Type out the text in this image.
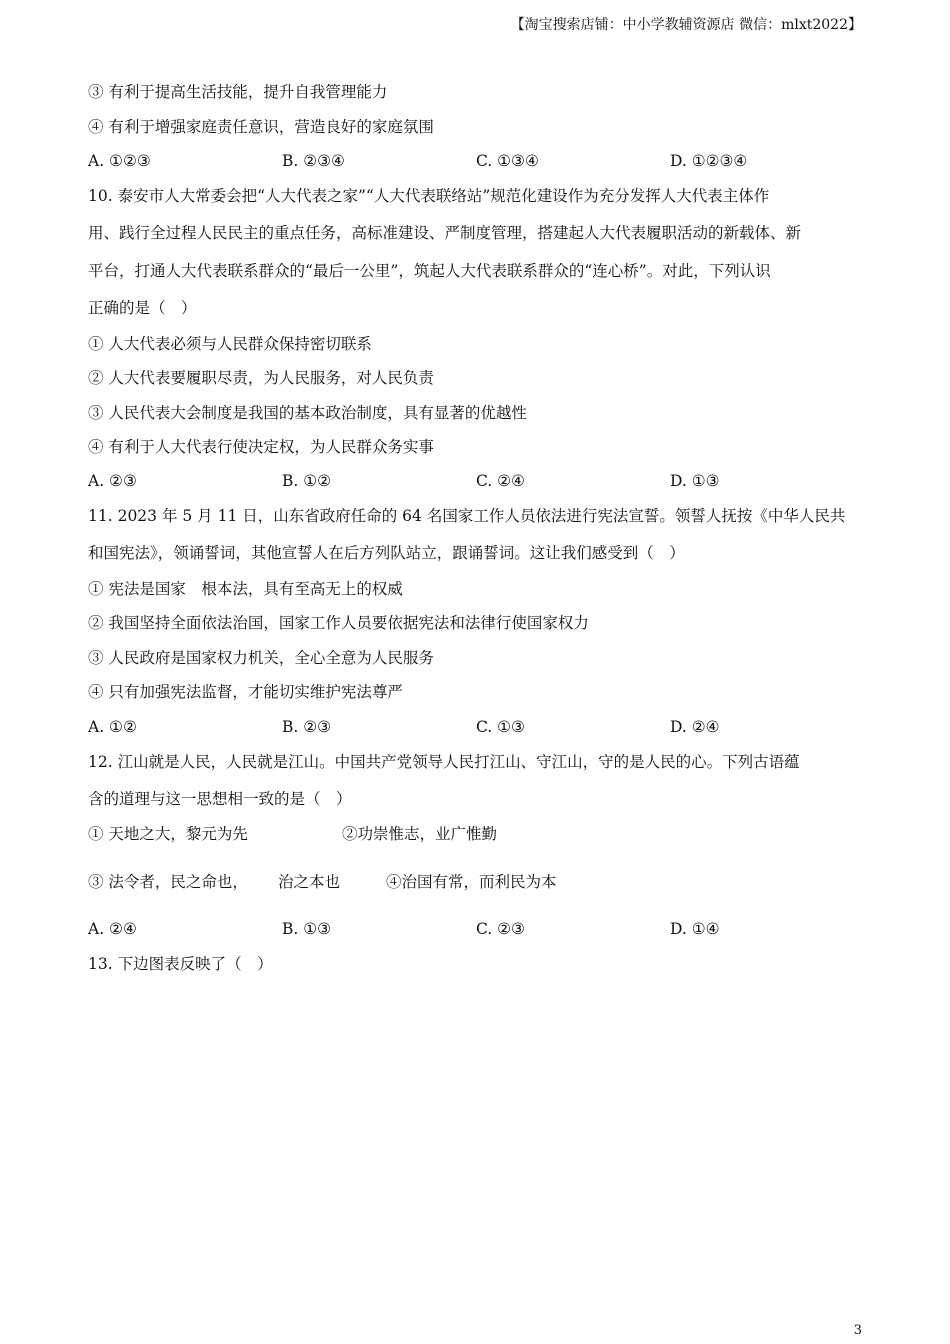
【淘宝搜索店铺：中小学教辅资源店 微信：mlxt2022】
③ 有利于提高生活技能，提升自我管理能力
④ 有利于增强家庭责任意识，营造良好的家庭氛围
A. ①②③	B. ②③④	C. ①③④	D. ①②③④
10. 泰安市人大常委会把“人大代表之家”“人大代表联络站”规范化建设作为充分发挥人大代表主体作
用、践行全过程人民民主的重点任务，高标准建设、严制度管理，搭建起人大代表履职活动的新载体、新
平台，打通人大代表联系群众的“最后一公里”，筑起人大代表联系群众的“连心桥”。对此，下列认识
正确的是（　）
① 人大代表必须与人民群众保持密切联系
② 人大代表要履职尽责，为人民服务，对人民负责
③ 人民代表大会制度是我国的基本政治制度，具有显著的优越性
④ 有利于人大代表行使决定权，为人民群众务实事
A. ②③	B. ①②	C. ②④	D. ①③
11. 2023 年 5 月 11 日，山东省政府任命的 64 名国家工作人员依法进行宪法宣誓。领誓人抚按《中华人民共
和国宪法》，领诵誓词，其他宣誓人在后方列队站立，跟诵誓词。这让我们感受到（　）
① 宪法是国家　根本法，具有至高无上的权威
② 我国坚持全面依法治国，国家工作人员要依据宪法和法律行使国家权力
③ 人民政府是国家权力机关，全心全意为人民服务
④ 只有加强宪法监督，才能切实维护宪法尊严
A. ①②	B. ②③	C. ①③	D. ②④
12. 江山就是人民，人民就是江山。中国共产党领导人民打江山、守江山，守的是人民的心。下列古语蕴
含的道理与这一思想相一致的是（　）
① 天地之大，黎元为先	②功崇惟志，业广惟勤
③ 法令者，民之命也， 治之本也	④治国有常，而利民为本
A. ②④	B. ①③	C. ②③	D. ①④
13. 下边图表反映了（　）
3
